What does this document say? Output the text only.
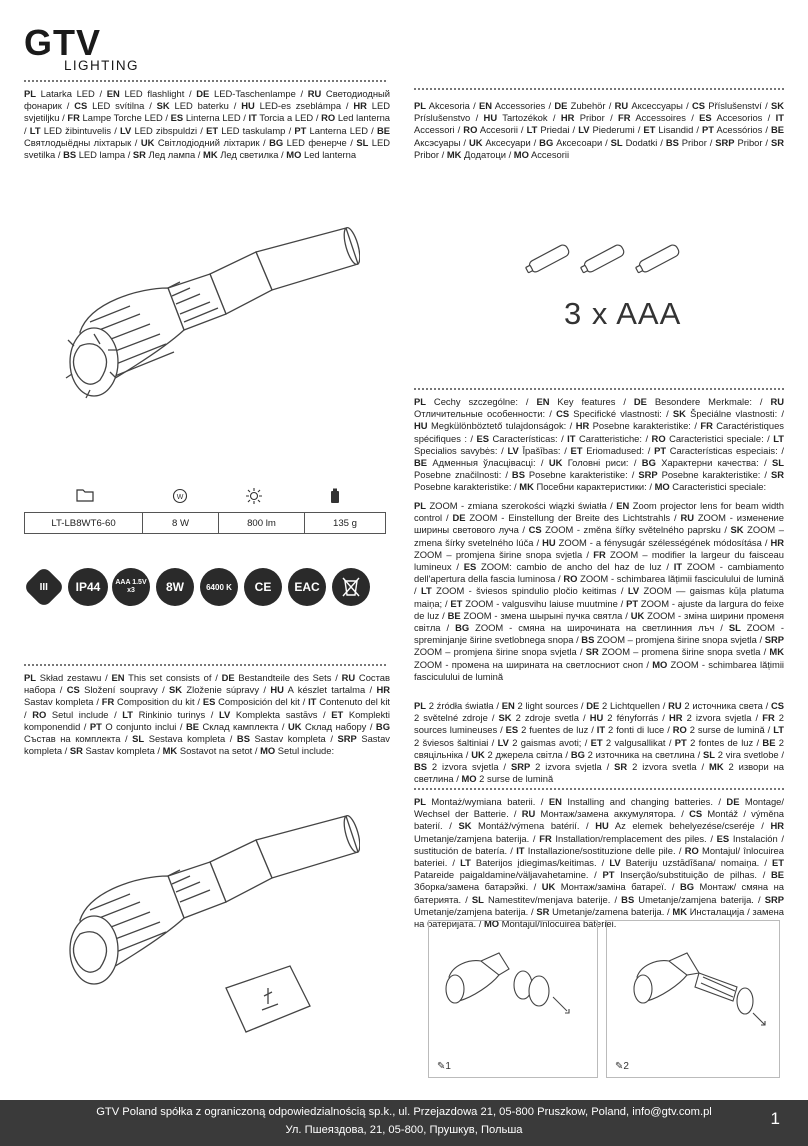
GTV
LIGHTING
PL Latarka LED / EN LED flashlight / DE LED-Taschenlampe / RU Светодиодный фонарик / CS LED svítilna / SK LED baterku / HU LED-es zseblámpa / HR LED svjetiljku / FR Lampe Torche LED / ES Linterna LED / IT Torcia a LED / RO Led lanterna / LT LED žibintuvelis / LV LED zibspuldzi / ET LED taskulamp / PT Lanterna LED / BE Святлодыёдны ліхтарык / UK Світлодіодний ліхтарик / BG LED фенерче / SL LED svetilka / BS LED lampa / SR Лед лампа / MK Лед светилка / MO Led lanterna
W
LT-LB8WT6-60	8 W	800 lm	135 g
III	IP44	AAA 1.5V x3	8W	6400 K	CE	EAC
PL Skład zestawu / EN This set consists of / DE Bestandteile des Sets / RU Состав набора / CS Složení soupravy / SK Zloženie súpravy / HU A készlet tartalma / HR Sastav kompleta / FR Composition du kit / ES Composición del kit / IT Contenuto del kit / RO Setul include / LT Rinkinio turinys / LV Komplekta sastāvs / ET Komplekti komponendid / PT O conjunto inclui / BE Склад камплекта / UK Склад набору / BG Състав на комплекта / SL Sestava kompleta / BS Sastav kompleta / SRP Sastav kompleta / SR Sastav kompleta / MK Sostavot na setot / MO Setul include:
PL Akcesoria / EN Accessories / DE Zubehör / RU Аксессуары / CS Příslušenství / SK Príslušenstvo / HU Tartozékok / HR Pribor / FR Accessoires / ES Accesorios / IT Accessori / RO Accesorii / LT Priedai / LV Piederumi / ET Lisandid / PT Acessórios / BE Аксэсуары / UK Аксесуари / BG Аксесоари / SL Dodatki / BS Pribor / SRP Pribor / SR Pribor / MK Додатоци / MO Accesorii
3 x AAA
PL Cechy szczególne: / EN Key features / DE Besondere Merkmale: / RU Отличительные особенности: / CS Specifické vlastnosti: / SK Špeciálne vlastnosti: / HU Megkülönböztető tulajdonságok: / HR Posebne karakteristike: / FR Caractéristiques spécifiques : / ES Características: / IT Caratteristiche: / RO Caracteristici speciale: / LT Specialios savybės: / LV Īpašības: / ET Eriomadused: / PT Características especiais: / BE Адменныя ўласцівасці: / UK Головні риси: / BG Характерни качества: / SL Posebne značilnosti: / BS Posebne karakteristike: / SRP Posebne karakteristike: / SR Posebne karakteristike: / MK Посебни карактеристики: / MO Caracteristici speciale:
PL ZOOM - zmiana szerokości wiązki światła / EN Zoom projector lens for beam width control / DE ZOOM - Einstellung der Breite des Lichtstrahls / RU ZOOM - изменение ширины светового луча / CS ZOOM - změna šířky světelného paprsku / SK ZOOM – zmena šírky svetelného lúča / HU ZOOM - a fénysugár szélességének módosítása / HR ZOOM – promjena širine snopa svjetla / FR ZOOM – modifier la largeur du faisceau lumineux / ES ZOOM: cambio de ancho del haz de luz / IT ZOOM - cambiamento dell'apertura della fascia luminosa / RO ZOOM - schimbarea lățimii fasciculului de lumină / LT ZOOM - šviesos spindulio pločio keitimas / LV ZOOM — gaismas kūļa platuma maiņa; / ET ZOOM - valgusvihu laiuse muutmine / PT ZOOM - ajuste da largura do feixe de luz / BE ZOOM - змена шырыні пучка святла / UK ZOOM - зміна ширини променя світла / BG ZOOM - смяна на широчината на светлинния лъч / SL ZOOM - spreminjanje širine svetlobnega snopa / BS ZOOM – promjena širine snopa svjetla / SRP ZOOM – promjena širine snopa svjetla / SR ZOOM – promena širine snopa svetla / MK ZOOM - промена на ширината на светлосниот сноп / MO ZOOM - schimbarea lățimii fasciculului de lumină
PL 2 źródła światła / EN 2 light sources / DE 2 Lichtquellen / RU 2 источника света / CS 2 světelné zdroje / SK 2 zdroje svetla / HU 2 fényforrás / HR 2 izvora svjetla / FR 2 sources lumineuses / ES 2 fuentes de luz / IT 2 fonti di luce / RO 2 surse de lumină / LT 2 šviesos šaltiniai / LV 2 gaismas avoti; / ET 2 valgusallikat / PT 2 fontes de luz / BE 2 свяцільнікa / UK 2 джерела світла / BG 2 източника на светлина / SL 2 vira svetlobe / BS 2 izvora svjetla / SRP 2 izvora svjetla / SR 2 izvora svetla / MK 2 извори на светлина / MO 2 surse de lumină
PL Montaż/wymiana baterii. / EN Installing and changing batteries. / DE Montage/ Wechsel der Batterie. / RU Монтаж/замена аккумулятора. / CS Montáž / výměna baterií. / SK Montáž/výmena batérií. / HU Az elemek behelyezése/cseréje / HR Umetanje/zamjena baterija. / FR Installation/remplacement des piles. / ES Instalación / sustitución de batería. / IT Installazione/sostituzione delle pile. / RO Montajul/ înlocuirea bateriei. / LT Baterijos įdiegimas/keitimas. / LV Bateriju uzstādīšana/ nomaiņa. / ET Patareide paigaldamine/väljavahetamine. / PT Inserção/substituição de pilhas. / BE Зборка/замена батарэйкі. / UK Монтаж/заміна батареї. / BG Монтаж/ смяна на батерията. / SL Namestitev/menjava baterije. / BS Umetanje/zamjena baterija. / SRP Umetanje/zamjena baterija. / SR Umetanje/zamena baterija. / MK Инсталација / замена на батеријата. / MO Montajul/înlocuirea bateriei.
✎1	✎2
GTV Poland spółka z ograniczoną odpowiedzialnością sp.k., ul. Przejazdowa 21, 05-800 Pruszkow, Poland, info@gtv.com.pl
Ул. Пшеяздова, 21, 05-800, Прушкув, Польша
1
